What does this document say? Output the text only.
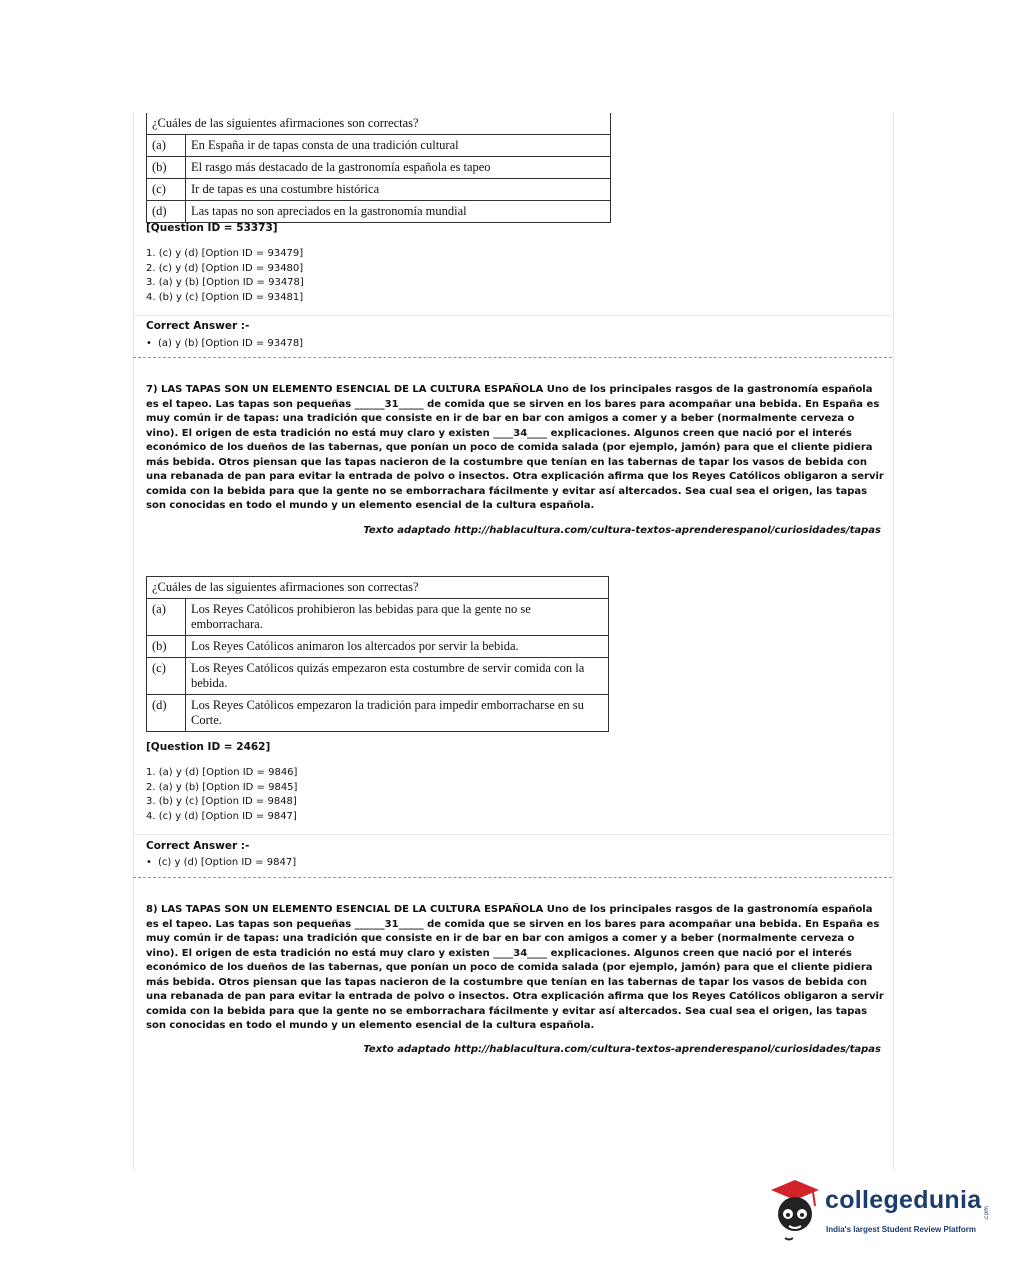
¿Cuáles de las siguientes afirmaciones son correctas?	
(a)	En España ir de tapas consta de una tradición cultural
(b)	El rasgo más destacado de la gastronomía española es tapeo
(c)	Ir de tapas es una costumbre histórica
(d)	Las tapas no son apreciados en la gastronomía mundial
[Question ID = 53373]
1. (c) y (d) [Option ID = 93479]
2. (c) y (d) [Option ID = 93480]
3. (a) y (b) [Option ID = 93478]
4. (b) y (c) [Option ID = 93481]
Correct Answer :-
• (a) y (b) [Option ID = 93478]
7) LAS TAPAS SON UN ELEMENTO ESENCIAL DE LA CULTURA ESPAÑOLA Uno de los principales rasgos de la gastronomía española es el tapeo. Las tapas son pequeñas ______31_____ de comida que se sirven en los bares para acompañar una bebida. En España es muy común ir de tapas: una tradición que consiste en ir de bar en bar con amigos a comer y a beber (normalmente cerveza o vino). El origen de esta tradición no está muy claro y existen ____34____ explicaciones. Algunos creen que nació por el interés económico de los dueños de las tabernas, que ponían un poco de comida salada (por ejemplo, jamón) para que el cliente pidiera más bebida. Otros piensan que las tapas nacieron de la costumbre que tenían en las tabernas de tapar los vasos de bebida con una rebanada de pan para evitar la entrada de polvo o insectos. Otra explicación afirma que los Reyes Católicos obligaron a servir comida con la bebida para que la gente no se emborrachara fácilmente y evitar así altercados. Sea cual sea el origen, las tapas son conocidas en todo el mundo y un elemento esencial de la cultura española.
Texto adaptado http://hablacultura.com/cultura-textos-aprenderespanol/curiosidades/tapas
¿Cuáles de las siguientes afirmaciones son correctas?	
(a)	Los Reyes Católicos prohibieron las bebidas para que la gente no se emborrachara.
(b)	Los Reyes Católicos animaron los altercados por servir la bebida.
(c)	Los Reyes Católicos quizás empezaron esta costumbre de servir comida con la bebida.
(d)	Los Reyes Católicos empezaron la tradición para impedir emborracharse en su Corte.
[Question ID = 2462]
1. (a) y (d) [Option ID = 9846]
2. (a) y (b) [Option ID = 9845]
3. (b) y (c) [Option ID = 9848]
4. (c) y (d) [Option ID = 9847]
Correct Answer :-
• (c) y (d) [Option ID = 9847]
8) LAS TAPAS SON UN ELEMENTO ESENCIAL DE LA CULTURA ESPAÑOLA Uno de los principales rasgos de la gastronomía española es el tapeo. Las tapas son pequeñas ______31_____ de comida que se sirven en los bares para acompañar una bebida. En España es muy común ir de tapas: una tradición que consiste en ir de bar en bar con amigos a comer y a beber (normalmente cerveza o vino). El origen de esta tradición no está muy claro y existen ____34____ explicaciones. Algunos creen que nació por el interés económico de los dueños de las tabernas, que ponían un poco de comida salada (por ejemplo, jamón) para que el cliente pidiera más bebida. Otros piensan que las tapas nacieron de la costumbre que tenían en las tabernas de tapar los vasos de bebida con una rebanada de pan para evitar la entrada de polvo o insectos. Otra explicación afirma que los Reyes Católicos obligaron a servir comida con la bebida para que la gente no se emborrachara fácilmente y evitar así altercados. Sea cual sea el origen, las tapas son conocidas en todo el mundo y un elemento esencial de la cultura española.
Texto adaptado http://hablacultura.com/cultura-textos-aprenderespanol/curiosidades/tapas
collegedunia .com
India's largest Student Review Platform
